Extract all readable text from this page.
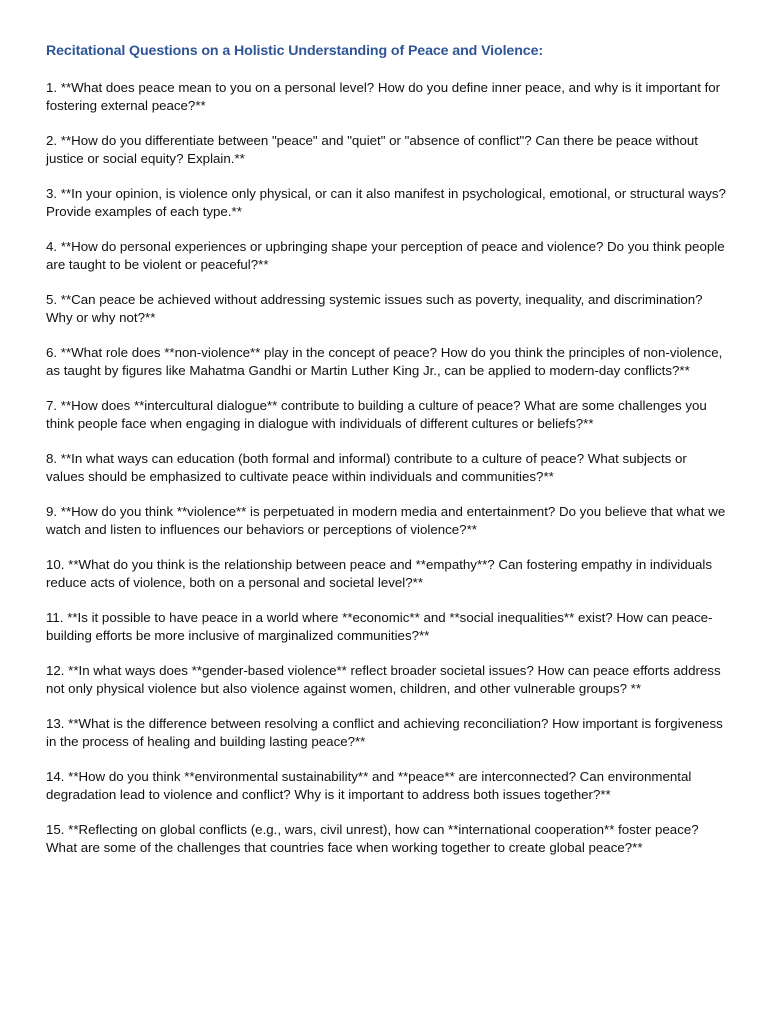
Recitational Questions on a Holistic Understanding of Peace and Violence:
1. **What does peace mean to you on a personal level? How do you define inner peace, and why is it important for fostering external peace?**
2. **How do you differentiate between "peace" and "quiet" or "absence of conflict"? Can there be peace without justice or social equity? Explain.**
3. **In your opinion, is violence only physical, or can it also manifest in psychological, emotional, or structural ways? Provide examples of each type.**
4. **How do personal experiences or upbringing shape your perception of peace and violence? Do you think people are taught to be violent or peaceful?**
5. **Can peace be achieved without addressing systemic issues such as poverty, inequality, and discrimination? Why or why not?**
6. **What role does **non-violence** play in the concept of peace? How do you think the principles of non-violence, as taught by figures like Mahatma Gandhi or Martin Luther King Jr., can be applied to modern-day conflicts?**
7. **How does **intercultural dialogue** contribute to building a culture of peace? What are some challenges you think people face when engaging in dialogue with individuals of different cultures or beliefs?**
8. **In what ways can education (both formal and informal) contribute to a culture of peace? What subjects or values should be emphasized to cultivate peace within individuals and communities?**
9. **How do you think **violence** is perpetuated in modern media and entertainment? Do you believe that what we watch and listen to influences our behaviors or perceptions of violence?**
10. **What do you think is the relationship between peace and **empathy**? Can fostering empathy in individuals reduce acts of violence, both on a personal and societal level?**
11. **Is it possible to have peace in a world where **economic** and **social inequalities** exist? How can peace-building efforts be more inclusive of marginalized communities?**
12. **In what ways does **gender-based violence** reflect broader societal issues? How can peace efforts address not only physical violence but also violence against women, children, and other vulnerable groups? **
13. **What is the difference between resolving a conflict and achieving reconciliation? How important is forgiveness in the process of healing and building lasting peace?**
14. **How do you think **environmental sustainability** and **peace** are interconnected? Can environmental degradation lead to violence and conflict? Why is it important to address both issues together?**
15. **Reflecting on global conflicts (e.g., wars, civil unrest), how can **international cooperation** foster peace? What are some of the challenges that countries face when working together to create global peace?**
